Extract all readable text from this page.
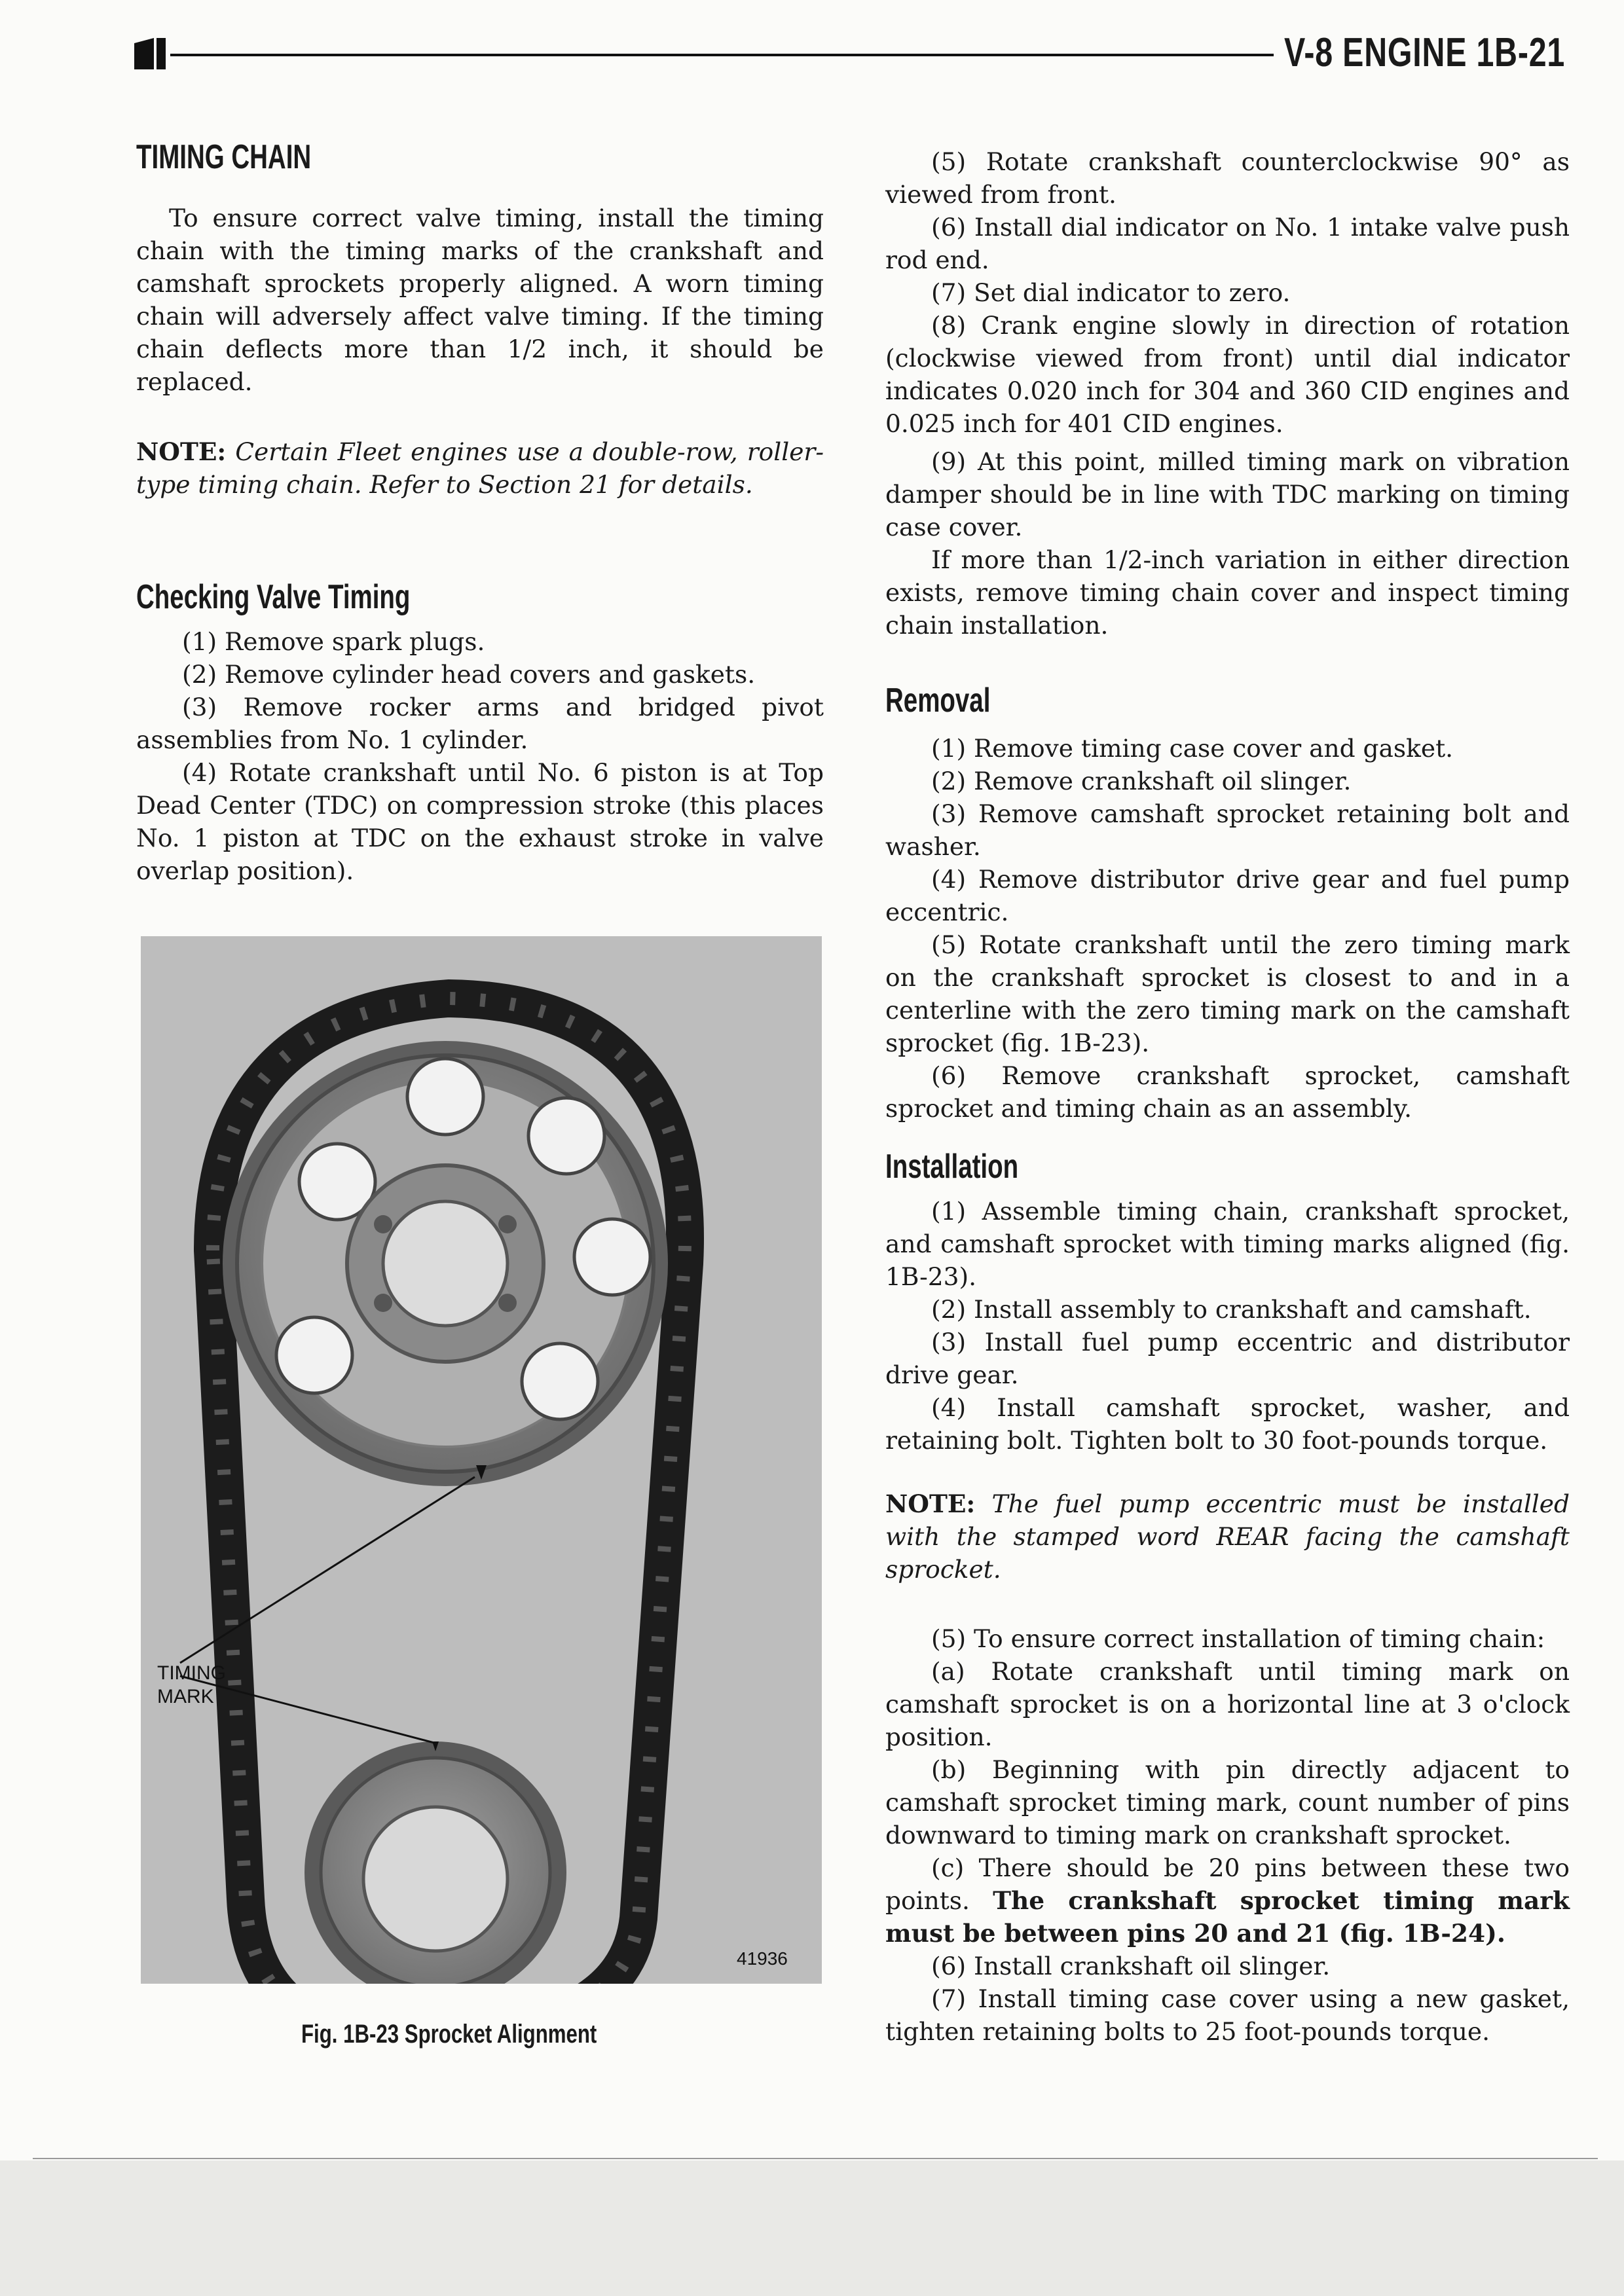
V-8 ENGINE 1B-21
TIMING CHAIN

To ensure correct valve timing, install the timing chain with the timing marks of the crankshaft and camshaft sprockets properly aligned. A worn timing chain will adversely affect valve timing. If the timing chain deflects more than 1/2 inch, it should be replaced.

NOTE: Certain Fleet engines use a double-row, roller-type timing chain. Refer to Section 21 for details.

Checking Valve Timing

(1) Remove spark plugs.

(2) Remove cylinder head covers and gaskets.

(3) Remove rocker arms and bridged pivot assemblies from No. 1 cylinder.

(4) Rotate crankshaft until No. 6 piston is at Top Dead Center (TDC) on compression stroke (this places No. 1 piston at TDC on the exhaust stroke in valve overlap position).

TIMING
MARK
41936
Fig. 1B-23 Sprocket Alignment

(5) Rotate crankshaft counterclockwise 90° as viewed from front.

(6) Install dial indicator on No. 1 intake valve push rod end.

(7) Set dial indicator to zero.

(8) Crank engine slowly in direction of rotation (clockwise viewed from front) until dial indicator indicates 0.020 inch for 304 and 360 CID engines and 0.025 inch for 401 CID engines.

(9) At this point, milled timing mark on vibration damper should be in line with TDC marking on timing case cover.

If more than 1/2-inch variation in either direction exists, remove timing chain cover and inspect timing chain installation.

Removal

(1) Remove timing case cover and gasket.

(2) Remove crankshaft oil slinger.

(3) Remove camshaft sprocket retaining bolt and washer.

(4) Remove distributor drive gear and fuel pump eccentric.

(5) Rotate crankshaft until the zero timing mark on the crankshaft sprocket is closest to and in a centerline with the zero timing mark on the camshaft sprocket (fig. 1B-23).

(6) Remove crankshaft sprocket, camshaft sprocket and timing chain as an assembly.

Installation

(1) Assemble timing chain, crankshaft sprocket, and camshaft sprocket with timing marks aligned (fig. 1B-23).

(2) Install assembly to crankshaft and camshaft.

(3) Install fuel pump eccentric and distributor drive gear.

(4) Install camshaft sprocket, washer, and retaining bolt. Tighten bolt to 30 foot-pounds torque.

NOTE: The fuel pump eccentric must be installed with the stamped word REAR facing the camshaft sprocket.

(5) To ensure correct installation of timing chain:

(a) Rotate crankshaft until timing mark on camshaft sprocket is on a horizontal line at 3 o'clock position.

(b) Beginning with pin directly adjacent to camshaft sprocket timing mark, count number of pins downward to timing mark on crankshaft sprocket.

(c) There should be 20 pins between these two points. The crankshaft sprocket timing mark must be between pins 20 and 21 (fig. 1B-24).

(6) Install crankshaft oil slinger.

(7) Install timing case cover using a new gasket, tighten retaining bolts to 25 foot-pounds torque.
